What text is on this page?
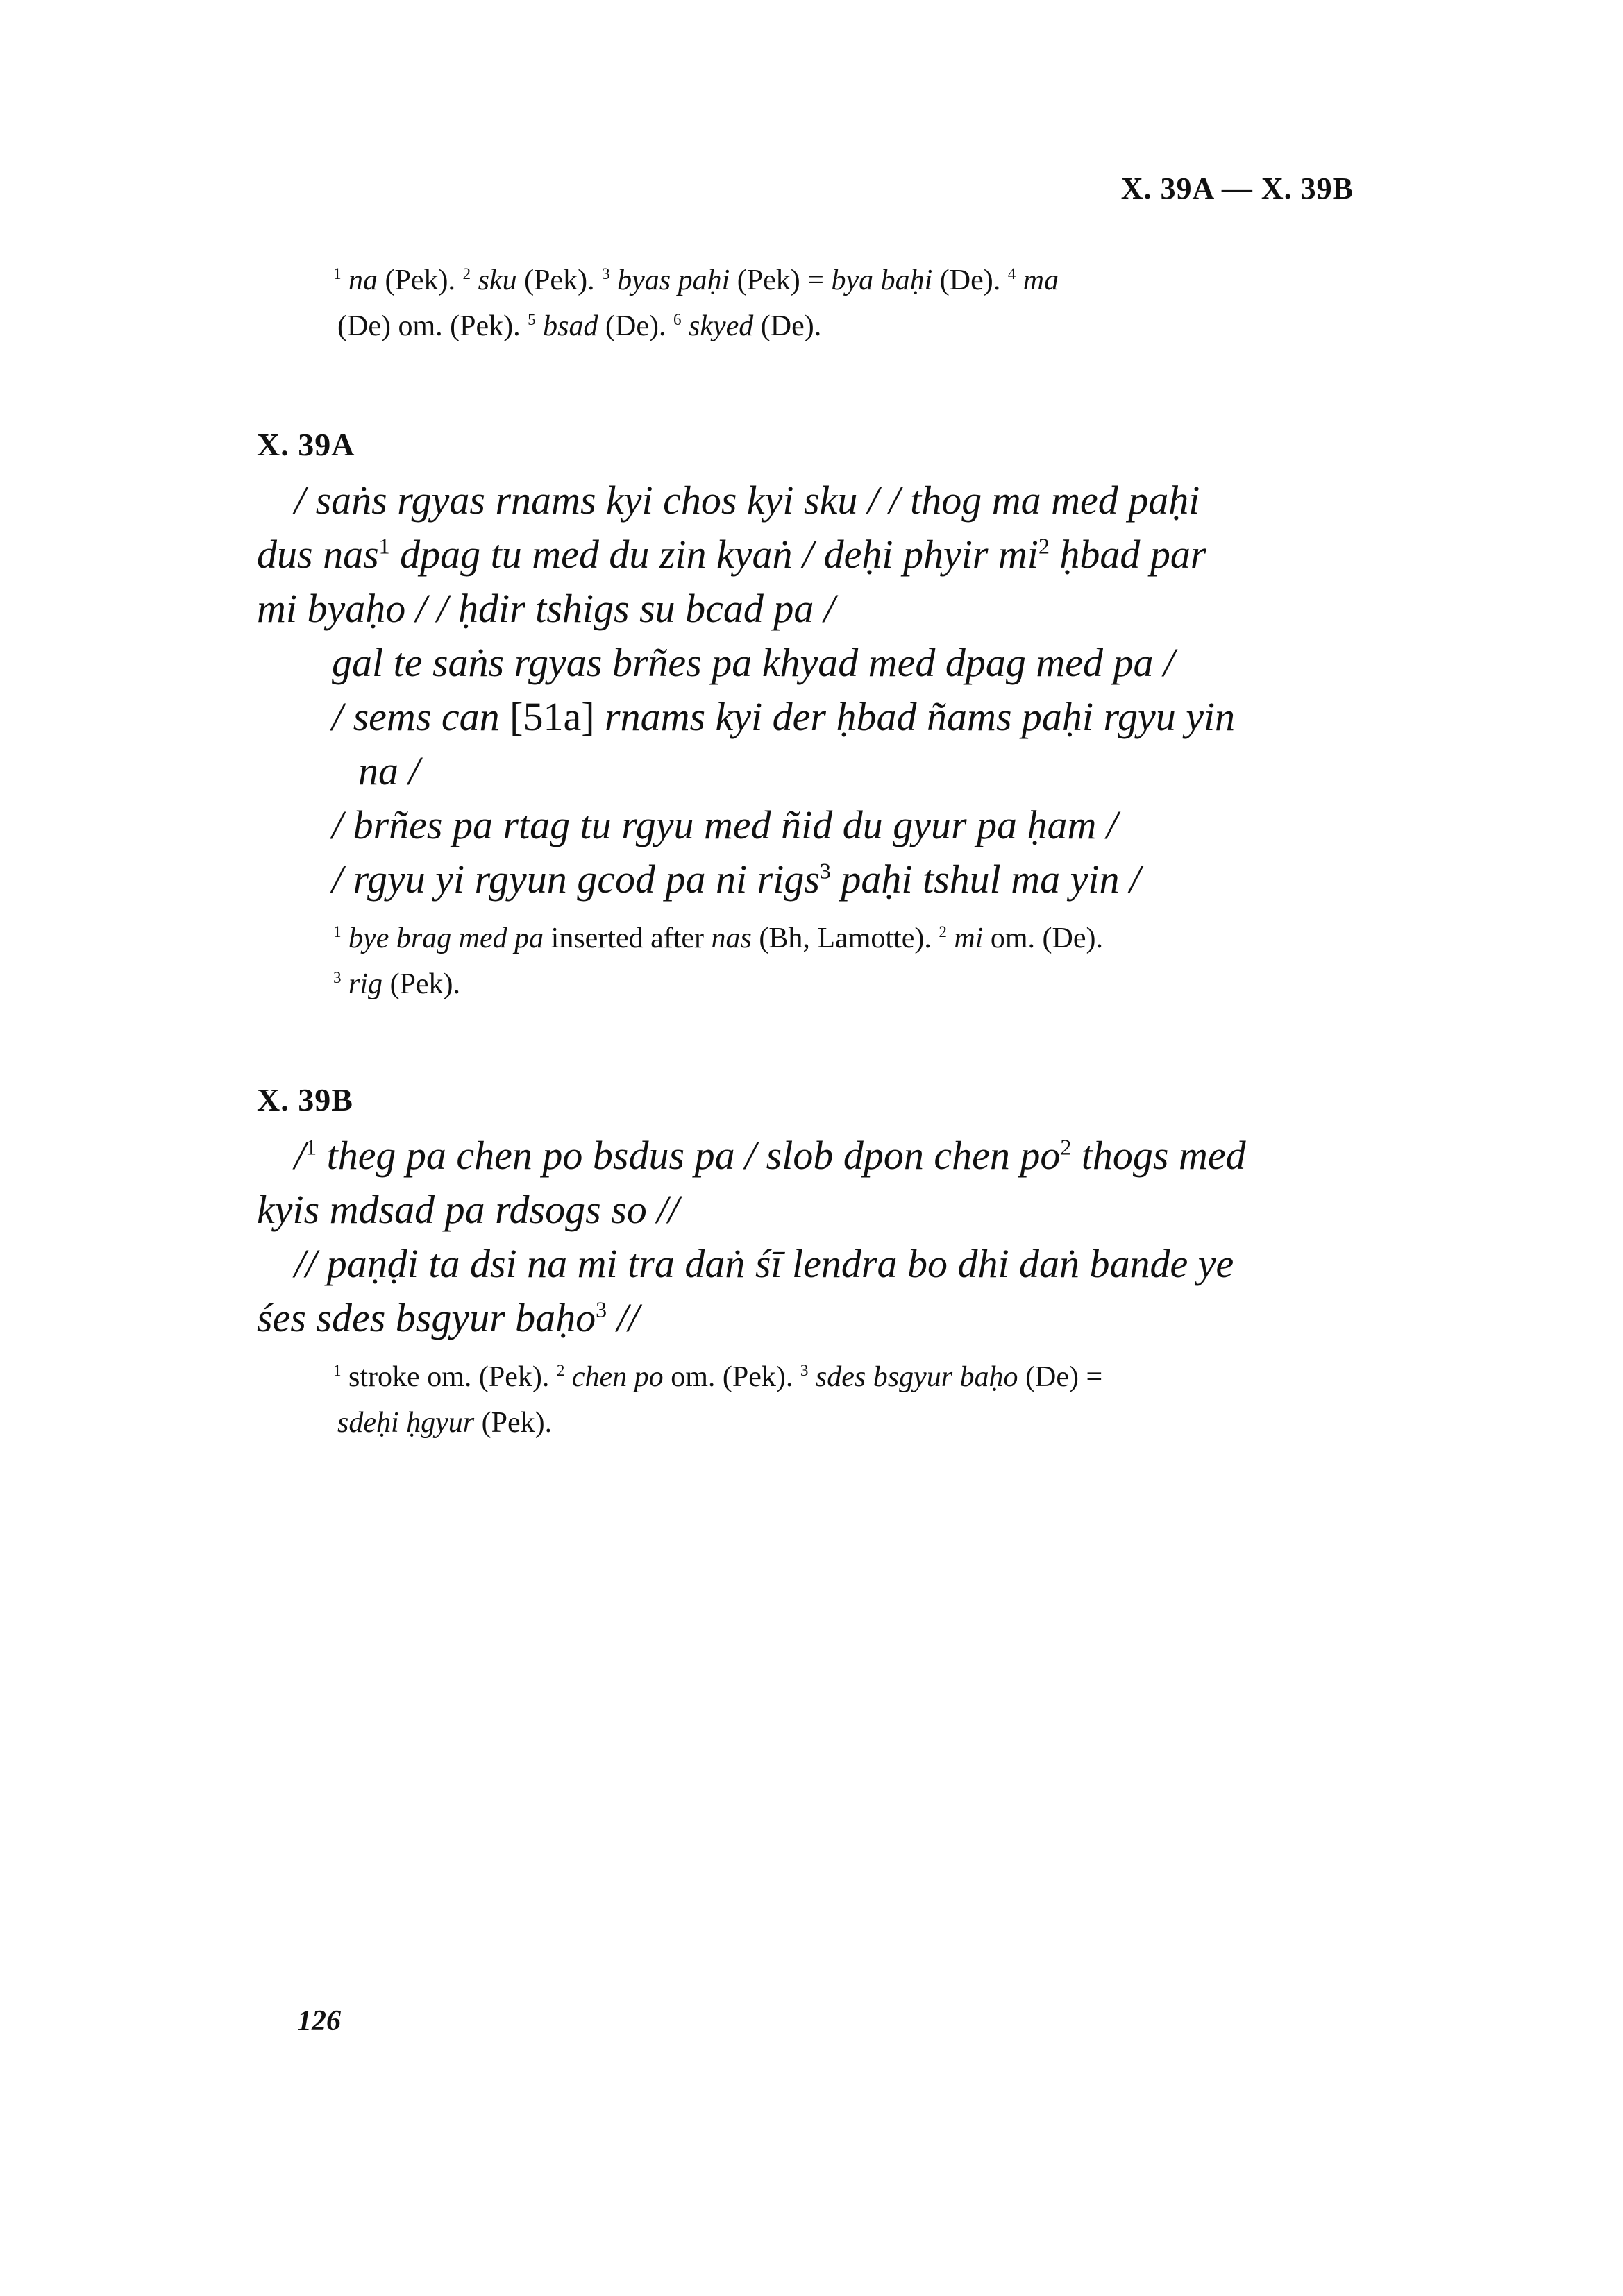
X. 39A — X. 39B
$^1$ na (Pek). $^2$ sku (Pek). $^3$ byas paḥi (Pek) = bya baḥi (De). $^4$ ma
(De) om. (Pek). $^5$ bsad (De). $^6$ skyed (De).
X. 39A
/ saṅs rgyas rnams kyi chos kyi sku / / thog ma med paḥi
dus nas$^1$ dpag tu med du zin kyaṅ / deḥi phyir $mi^2$ ḥbad par
mi byaḥo / / ḥdir tshigs su bcad pa /
gal te saṅs rgyas brñes pa khyad med dpag med pa /
/ sems can [51a] rnams kyi der ḥbad ñams paḥi rgyu yin
na /
/ brñes pa rtag tu rgyu med ñid du gyur pa ḥam /
/ rgyu yi rgyun gcod pa ni rigs$^3$ paḥi tshul ma yin /
$^1$ bye brag med pa inserted after nas (Bh, Lamotte). $^2$ mi om. (De).
$^3$ rig (Pek).
X. 39B
/$^1$ theg pa chen po bsdus pa / slob dpon chen $po^2$ thogs med
kyis mdsad pa rdsogs so //
// paṇḍi ta dsi na mi tra daṅ śī lendra bo dhi daṅ bande ye
śes sdes bsgyur baḥo$^3$ //
$^1$ stroke om. (Pek). $^2$ chen po om. (Pek). $^3$ sdes bsgyur baḥo (De) =
sdeḥi ḥgyur (Pek).
126
